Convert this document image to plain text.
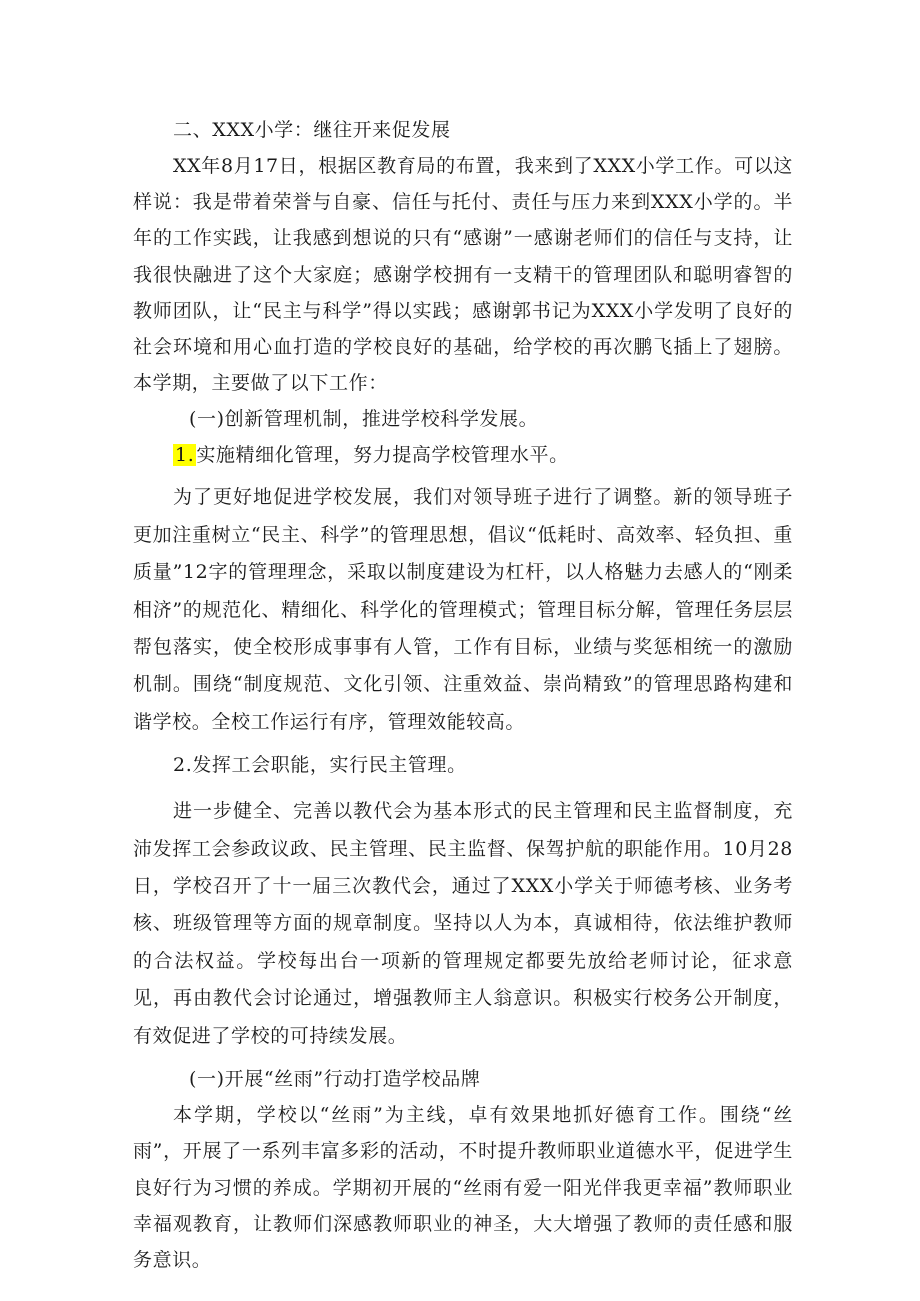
二、XXX小学：继往开来促发展

XX年8月17日，根据区教育局的布置，我来到了XXX小学工作。可以这样说：我是带着荣誉与自豪、信任与托付、责任与压力来到XXX小学的。半年的工作实践，让我感到想说的只有“感谢”一感谢老师们的信任与支持，让我很快融进了这个大家庭；感谢学校拥有一支精干的管理团队和聪明睿智的教师团队，让“民主与科学”得以实践；感谢郭书记为XXX小学发明了良好的社会环境和用心血打造的学校良好的基础，给学校的再次鹏飞插上了翅膀。本学期，主要做了以下工作：

(一)创新管理机制，推进学校科学发展。

1. 实施精细化管理，努力提高学校管理水平。

为了更好地促进学校发展，我们对领导班子进行了调整。新的领导班子更加注重树立“民主、科学”的管理思想，倡议“低耗时、高效率、轻负担、重质量”12字的管理理念，采取以制度建设为杠杆，以人格魅力去感人的“刚柔相济”的规范化、精细化、科学化的管理模式；管理目标分解，管理任务层层帮包落实，使全校形成事事有人管，工作有目标，业绩与奖惩相统一的激励机制。围绕“制度规范、文化引领、注重效益、崇尚精致”的管理思路构建和谐学校。全校工作运行有序，管理效能较高。

2.发挥工会职能，实行民主管理。

进一步健全、完善以教代会为基本形式的民主管理和民主监督制度，充沛发挥工会参政议政、民主管理、民主监督、保驾护航的职能作用。10月28日，学校召开了十一届三次教代会，通过了XXX小学关于师德考核、业务考核、班级管理等方面的规章制度。坚持以人为本，真诚相待，依法维护教师的合法权益。学校每出台一项新的管理规定都要先放给老师讨论，征求意见，再由教代会讨论通过，增强教师主人翁意识。积极实行校务公开制度，有效促进了学校的可持续发展。

(一)开展“丝雨”行动打造学校品牌

本学期，学校以“丝雨”为主线，卓有效果地抓好德育工作。围绕“丝雨”，开展了一系列丰富多彩的活动，不时提升教师职业道德水平，促进学生良好行为习惯的养成。学期初开展的“丝雨有爱一阳光伴我更幸福”教师职业幸福观教育，让教师们深感教师职业的神圣，大大增强了教师的责任感和服务意识。
